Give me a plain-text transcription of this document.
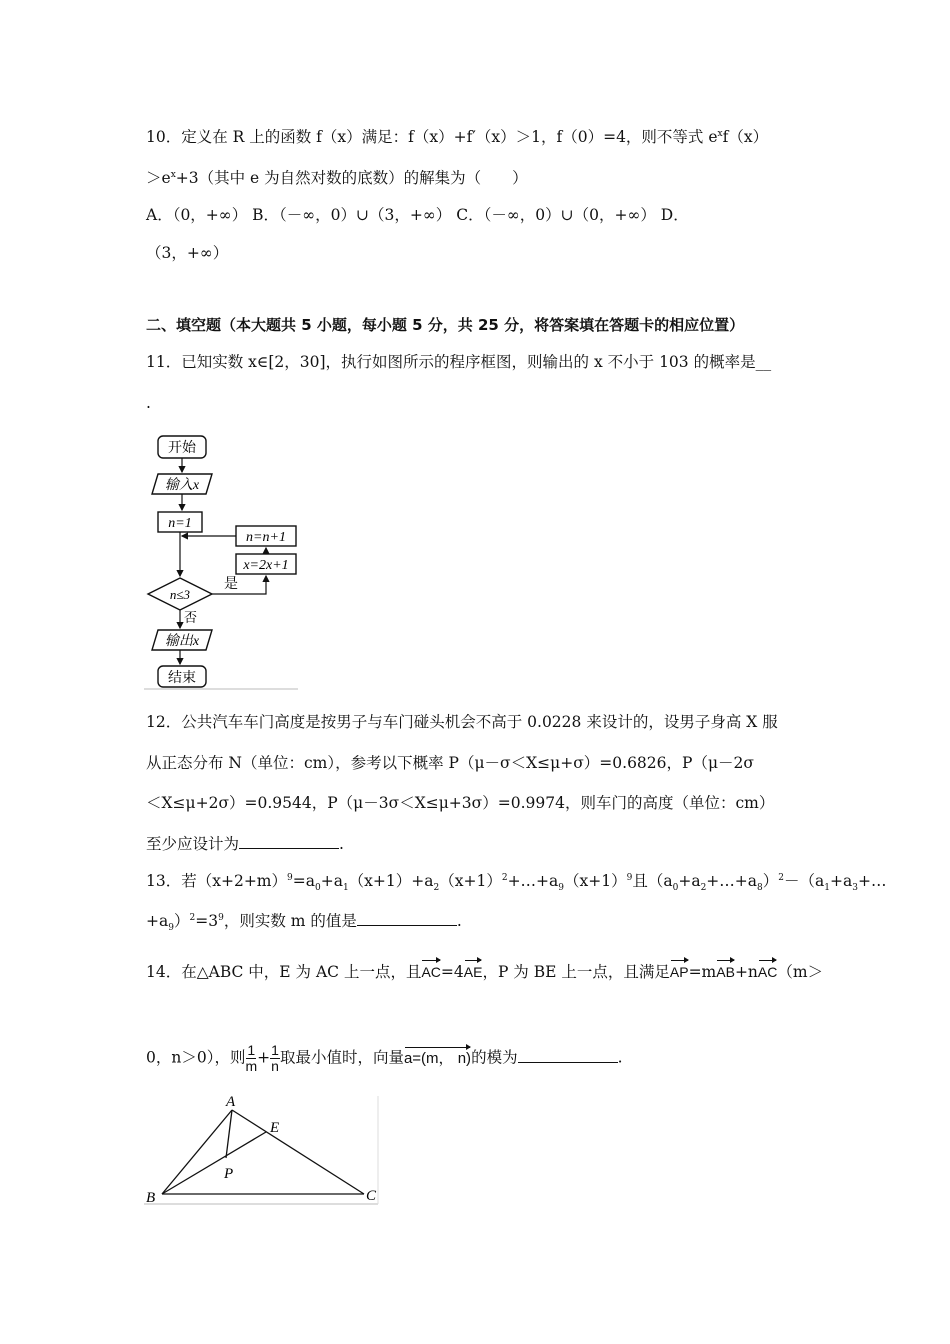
10．定义在 R 上的函数 f（x）满足：f（x）+f′（x）＞1，f（0）=4，则不等式 $e^xf(x)$
$>e^x+3$（其中 e 为自然对数的底数）的解集为（　　）
A．（0，+∞） B．（－∞，0）∪（3，+∞） C．（－∞，0）∪（0，+∞） D．
（3，+∞）
二、填空题（本大题共 5 小题，每小题 5 分，共 25 分，将答案填在答题卡的相应位置）
11．已知实数 x∈[2，30]，执行如图所示的程序框图，则输出的 x 不小于 103 的概率是__
.
开始
输入x
n=1
n=n+1
x=2x+1
n≤3
是
否
输出x
结束
12．公共汽车车门高度是按男子与车门碰头机会不高于 0.0228 来设计的，设男子身高 X 服
从正态分布 N（单位：cm），参考以下概率 P（μ－σ＜X≤μ+σ）=0.6826，P（μ－2σ
＜X≤μ+2σ）=0.9544，P（μ－3σ＜X≤μ+3σ）=0.9974，则车门的高度（单位：cm）
至少应设计为	.
13．若$(x+2+m)^9=a_0+a_1(x+1)+a_2(x+1)^2+\dots+a_9(x+1)^9$且$(a_0+a_2+\dots+a_8)^2-(a_1+a_3+\dots$
$+a_9)^2=3^9$，则实数 m 的值是	.
14．在△ABC 中，E 为 AC 上一点，且AC=4AE，P 为 BE 上一点，且满足AP=mAB+nAC（m＞
0，n＞0），则 $\frac{1}{m} + \frac{1}{n}$ 取最小值时，向量a=(m， n)的模为	.
A
B	C
E
P
